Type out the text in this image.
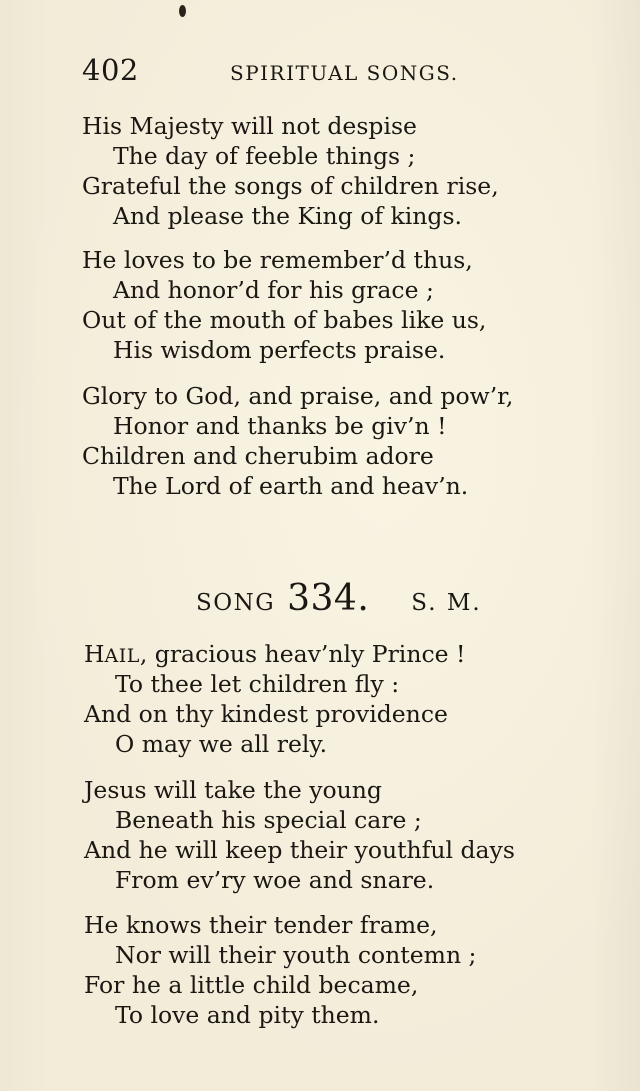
402	SPIRITUAL SONGS.
His Majesty will not despise
The day of feeble things ;
Grateful the songs of children rise,
And please the King of kings.
He loves to be remember’d thus,
And honor’d for his grace ;
Out of the mouth of babes like us,
His wisdom perfects praise.
Glory to God, and praise, and pow’r,
Honor and thanks be giv’n !
Children and cherubim adore
The Lord of earth and heav’n.
SONG 334. S. M.
HAIL, gracious heav’nly Prince !
To thee let children fly :
And on thy kindest providence
O may we all rely.
Jesus will take the young
Beneath his special care ;
And he will keep their youthful days
From ev’ry woe and snare.
He knows their tender frame,
Nor will their youth contemn ;
For he a little child became,
To love and pity them.
